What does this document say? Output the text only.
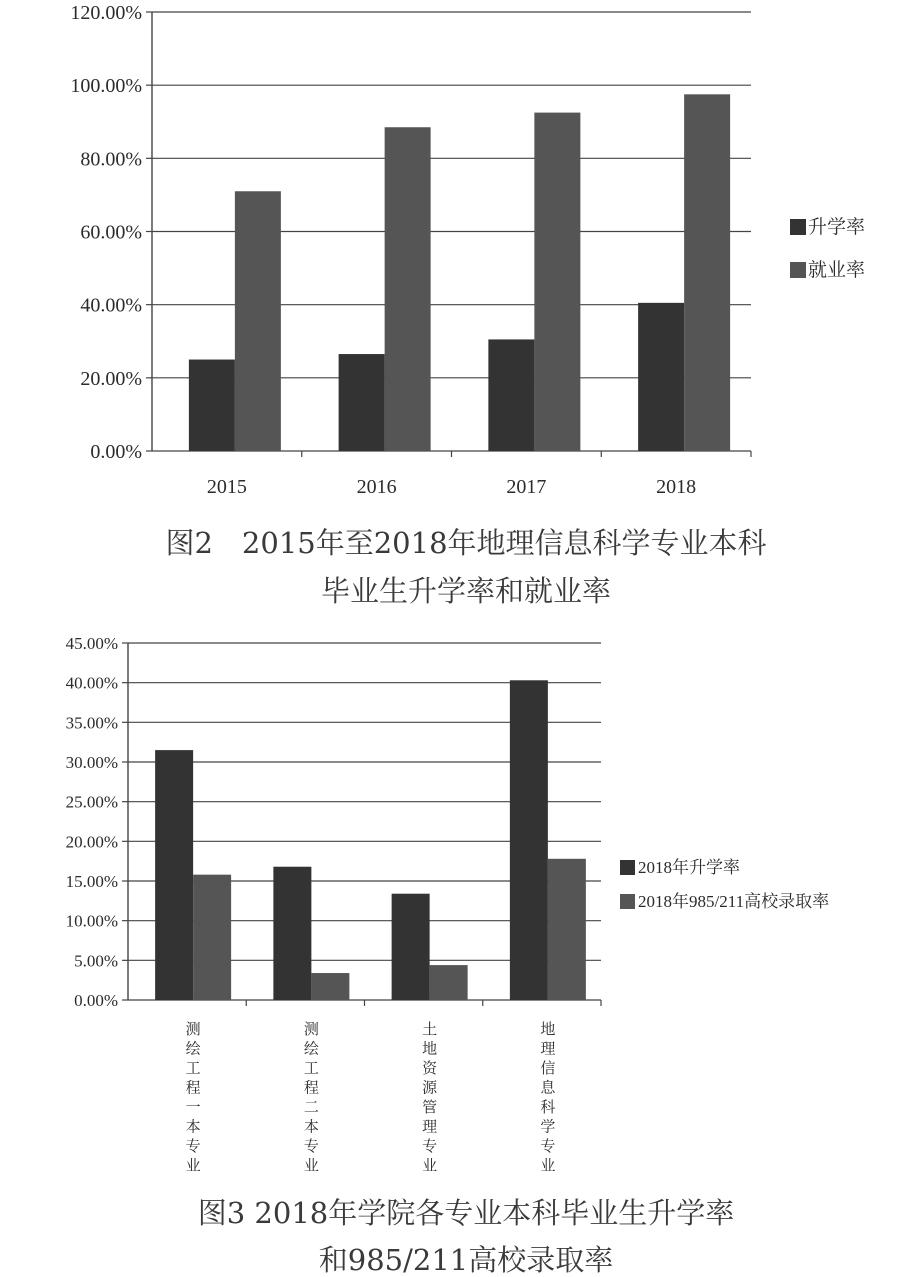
0.00%
20.00%
40.00%
60.00%
80.00%
100.00%
120.00%
2015	2016	2017	2018
升学率
就业率
图2　2015年至2018年地理信息科学专业本科
毕业生升学率和就业率
0.00%
5.00%
10.00%
15.00%
20.00%
25.00%
30.00%
35.00%
40.00%
45.00%
测绘工程一本专业
测绘工程二本专业
土地资源管理专业
地理信息科学专业
2018年升学率
2018年985/211高校录取率
图3 2018年学院各专业本科毕业生升学率
和985/211高校录取率
